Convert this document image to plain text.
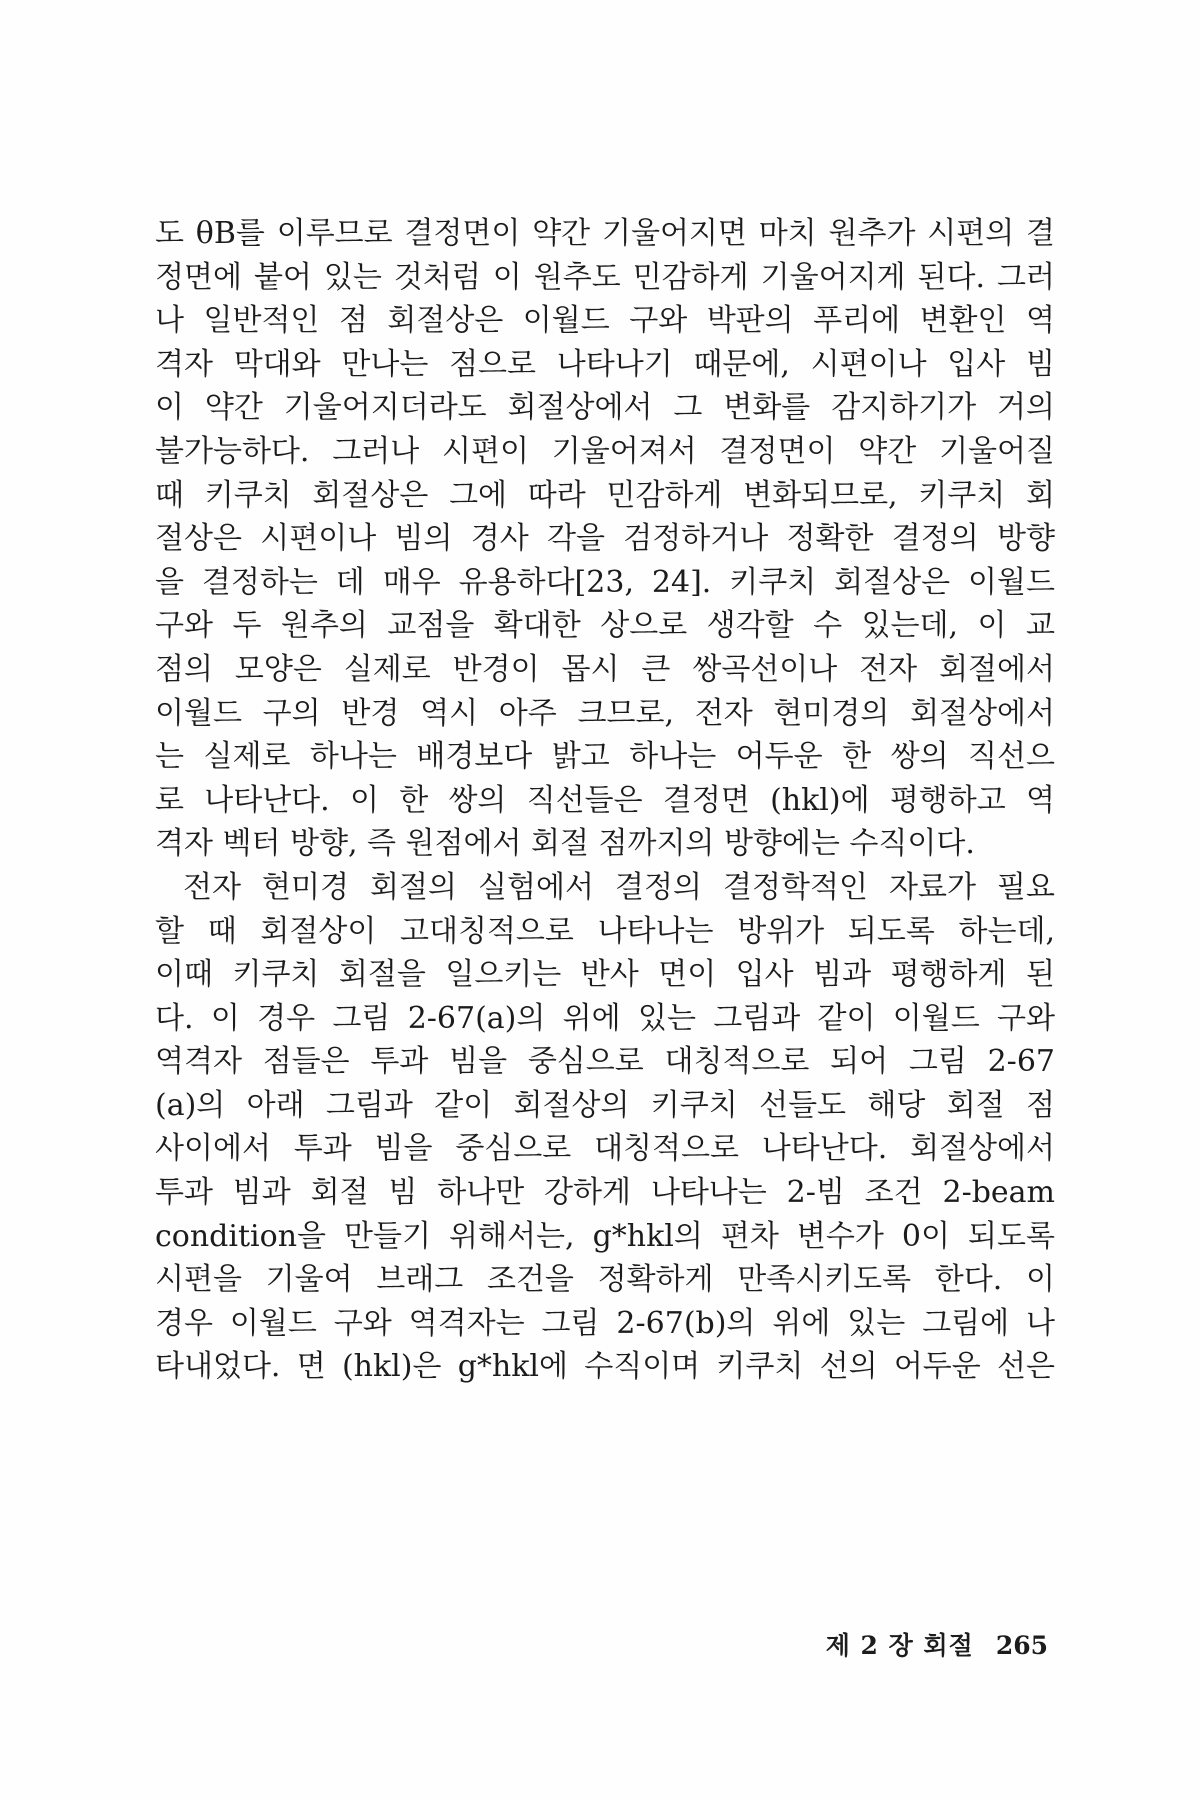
도 θB를 이루므로 결정면이 약간 기울어지면 마치 원추가 시편의 결
정면에 붙어 있는 것처럼 이 원추도 민감하게 기울어지게 된다. 그러
나 일반적인 점 회절상은 이월드 구와 박판의 푸리에 변환인 역
격자 막대와 만나는 점으로 나타나기 때문에, 시편이나 입사 빔
이 약간 기울어지더라도 회절상에서 그 변화를 감지하기가 거의
불가능하다. 그러나 시편이 기울어져서 결정면이 약간 기울어질
때 키쿠치 회절상은 그에 따라 민감하게 변화되므로, 키쿠치 회
절상은 시편이나 빔의 경사 각을 검정하거나 정확한 결정의 방향
을 결정하는 데 매우 유용하다[23, 24]. 키쿠치 회절상은 이월드
구와 두 원추의 교점을 확대한 상으로 생각할 수 있는데, 이 교
점의 모양은 실제로 반경이 몹시 큰 쌍곡선이나 전자 회절에서
이월드 구의 반경 역시 아주 크므로, 전자 현미경의 회절상에서
는 실제로 하나는 배경보다 밝고 하나는 어두운 한 쌍의 직선으
로 나타난다. 이 한 쌍의 직선들은 결정면 (hkl)에 평행하고 역
격자 벡터 방향, 즉 원점에서 회절 점까지의 방향에는 수직이다.
전자 현미경 회절의 실험에서 결정의 결정학적인 자료가 필요
할 때 회절상이 고대칭적으로 나타나는 방위가 되도록 하는데,
이때 키쿠치 회절을 일으키는 반사 면이 입사 빔과 평행하게 된
다. 이 경우 그림 2-67(a)의 위에 있는 그림과 같이 이월드 구와
역격자 점들은 투과 빔을 중심으로 대칭적으로 되어 그림 2-67
(a)의 아래 그림과 같이 회절상의 키쿠치 선들도 해당 회절 점
사이에서 투과 빔을 중심으로 대칭적으로 나타난다. 회절상에서
투과 빔과 회절 빔 하나만 강하게 나타나는 2-빔 조건 2-beam
condition을 만들기 위해서는, g*hkl의 편차 변수가 0이 되도록
시편을 기울여 브래그 조건을 정확하게 만족시키도록 한다. 이
경우 이월드 구와 역격자는 그림 2-67(b)의 위에 있는 그림에 나
타내었다. 면 (hkl)은 g*hkl에 수직이며 키쿠치 선의 어두운 선은
제 2 장 회절 265
